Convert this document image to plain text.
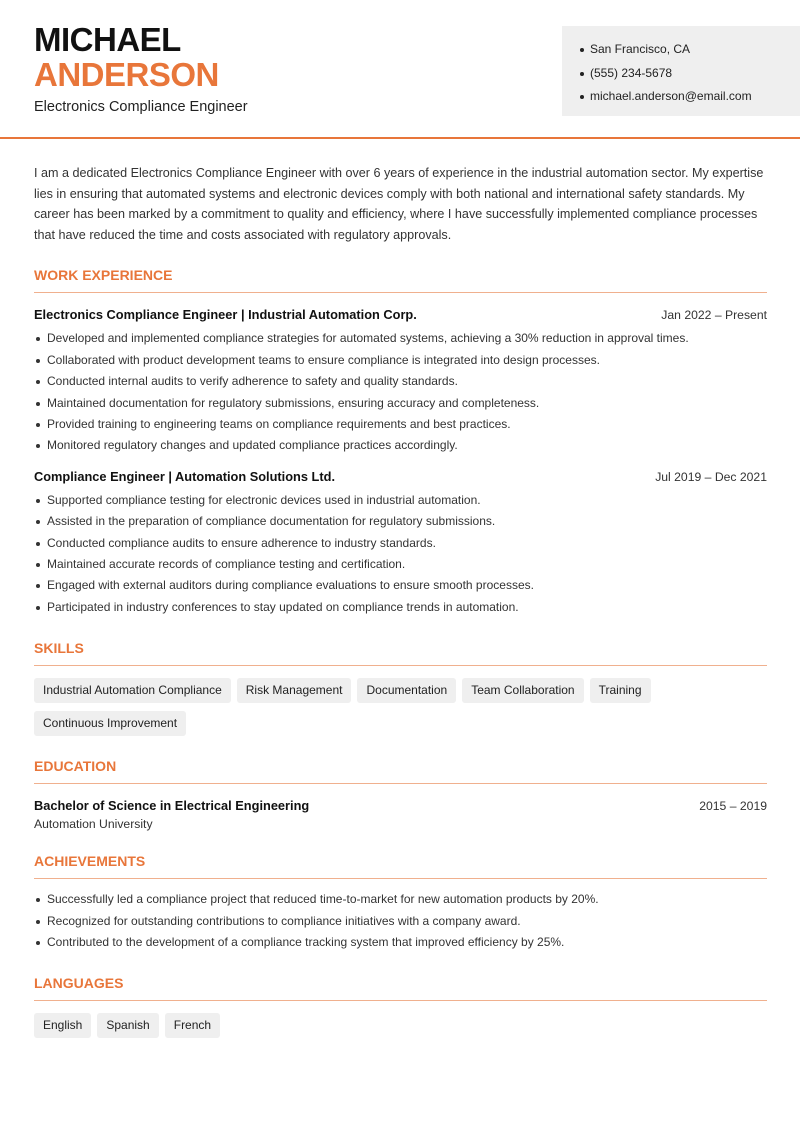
MICHAEL
ANDERSON
Electronics Compliance Engineer
San Francisco, CA
(555) 234-5678
michael.anderson@email.com

I am a dedicated Electronics Compliance Engineer with over 6 years of experience in the industrial automation sector. My expertise lies in ensuring that automated systems and electronic devices comply with both national and international safety standards. My career has been marked by a commitment to quality and efficiency, where I have successfully implemented compliance processes that have reduced the time and costs associated with regulatory approvals.

WORK EXPERIENCE
Electronics Compliance Engineer | Industrial Automation Corp.	Jan 2022 – Present
Developed and implemented compliance strategies for automated systems, achieving a 30% reduction in approval times.
Collaborated with product development teams to ensure compliance is integrated into design processes.
Conducted internal audits to verify adherence to safety and quality standards.
Maintained documentation for regulatory submissions, ensuring accuracy and completeness.
Provided training to engineering teams on compliance requirements and best practices.
Monitored regulatory changes and updated compliance practices accordingly.
Compliance Engineer | Automation Solutions Ltd.	Jul 2019 – Dec 2021
Supported compliance testing for electronic devices used in industrial automation.
Assisted in the preparation of compliance documentation for regulatory submissions.
Conducted compliance audits to ensure adherence to industry standards.
Maintained accurate records of compliance testing and certification.
Engaged with external auditors during compliance evaluations to ensure smooth processes.
Participated in industry conferences to stay updated on compliance trends in automation.
SKILLS
Industrial Automation Compliance	Risk Management	Documentation	Team Collaboration	Training
Continuous Improvement
EDUCATION
Bachelor of Science in Electrical Engineering	2015 – 2019
Automation University
ACHIEVEMENTS
Successfully led a compliance project that reduced time-to-market for new automation products by 20%.
Recognized for outstanding contributions to compliance initiatives with a company award.
Contributed to the development of a compliance tracking system that improved efficiency by 25%.
LANGUAGES
English	Spanish	French
